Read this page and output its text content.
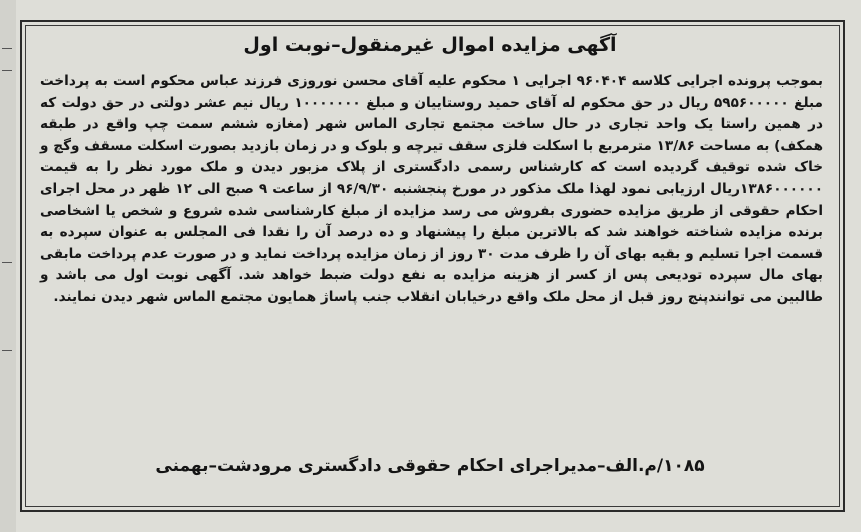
آگهی مزایده اموال غیرمنقول–نوبت اول

بموجب پرونده اجرایی کلاسه ۹۶۰۴۰۴ اجرایی ۱ محکوم علیه آقای محسن نوروزی فرزند عباس محکوم است به پرداخت مبلغ ۵۹۵۶۰۰۰۰۰ ریال در حق محکوم له آقای حمید روستاییان و مبلغ ۱۰۰۰۰۰۰۰ ریال نیم عشر دولتی در حق دولت که در همین راستا یک واحد تجاری در حال ساخت مجتمع تجاری الماس شهر (مغازه ششم سمت چپ واقع در طبقه همکف) به مساحت ۱۳/۸۶ مترمربع با اسکلت فلزی سقف تیرچه و بلوک و در زمان بازدید بصورت اسکلت مسقف وگچ و خاک شده توقیف گردیده است که کارشناس رسمی دادگستری از پلاک مزبور دیدن و ملک مورد نظر را به قیمت ۱۳۸۶۰۰۰۰۰۰ریال ارزیابی نمود لهذا ملک مذکور در مورخ پنجشنبه ۹۶/۹/۳۰ از ساعت ۹ صبح الی ۱۲ ظهر در محل اجرای احکام حقوقی از طریق مزایده حضوری بفروش می رسد مزایده از مبلغ کارشناسی شده شروع و شخص یا اشخاصی برنده مزایده شناخته خواهند شد که بالاترین مبلغ را پیشنهاد و ده درصد آن را نقدا فی المجلس به عنوان سپرده به قسمت اجرا تسلیم و بقیه بهای آن را ظرف مدت ۳۰ روز از زمان مزایده پرداخت نماید و در صورت عدم پرداخت مابقی بهای مال سپرده تودیعی پس از کسر از هزینه مزایده به نفع دولت ضبط خواهد شد. آگهی نوبت اول می باشد و طالبین می توانندپنج روز قبل از محل ملک واقع درخیابان انقلاب جنب پاساژ همایون مجتمع الماس شهر دیدن نمایند.

۱۰۸۵/م.الف–مدیراجرای احکام حقوقی دادگستری مرودشت–بهمنی
